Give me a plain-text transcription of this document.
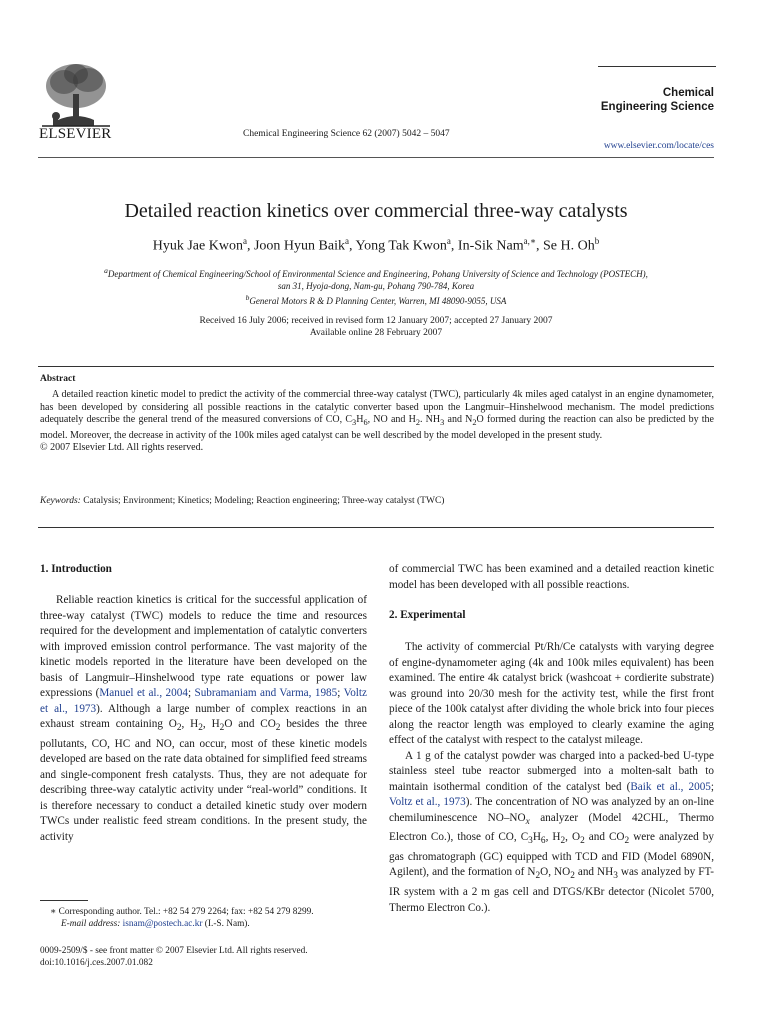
ELSEVIER	Chemical Engineering Science 62 (2007) 5042 – 5047
Chemical
Engineering Science
www.elsevier.com/locate/ces
Detailed reaction kinetics over commercial three-way catalysts
Hyuk Jae Kwon$^a$, Joon Hyun Baik$^a$, Yong Tak Kwon$^a$, In-Sik Nam$^{a,∗}$, Se H. Oh$^b$
$^a$Department of Chemical Engineering/School of Environmental Science and Engineering, Pohang University of Science and Technology (POSTECH),
san 31, Hyoja-dong, Nam-gu, Pohang 790-784, Korea
$^b$General Motors R & D Planning Center, Warren, MI 48090-9055, USA
Received 16 July 2006; received in revised form 12 January 2007; accepted 27 January 2007
Available online 28 February 2007
Abstract

A detailed reaction kinetic model to predict the activity of the commercial three-way catalyst (TWC), particularly 4k miles aged catalyst in an engine dynamometer, has been developed by considering all possible reactions in the catalytic converter based upon the Langmuir–Hinshelwood mechanism. The model predictions adequately describe the general trend of the measured conversions of CO, $C_3H_6$, NO and $H_2$. $NH_3$ and $N_2O$ formed during the reaction can also be predicted by the model. Moreover, the decrease in activity of the 100k miles aged catalyst can be well described by the model developed in the present study.

© 2007 Elsevier Ltd. All rights reserved.

Keywords: Catalysis; Environment; Kinetics; Modeling; Reaction engineering; Three-way catalyst (TWC)
1. Introduction

Reliable reaction kinetics is critical for the successful application of three-way catalyst (TWC) models to reduce the time and resources required for the development and implementation of catalytic converters with improved emission control performance. The vast majority of the kinetic models reported in the literature have been developed on the basis of Langmuir–Hinshelwood type rate equations or power law expressions (Manuel et al., 2004; Subramaniam and Varma, 1985; Voltz et al., 1973). Although a large number of complex reactions in an exhaust stream containing $O_2$, $H_2$, $H_2O$ and $CO_2$ besides the three pollutants, CO, HC and NO, can occur, most of these kinetic models developed are based on the rate data obtained for simplified feed streams and single-component fresh catalysts. Thus, they are not adequate for describing three-way catalytic activity under “real-world” conditions. It is therefore necessary to conduct a detailed kinetic study over modern TWCs under realistic feed stream conditions. In the present study, the activity

of commercial TWC has been examined and a detailed reaction kinetic model has been developed with all possible reactions.

2. Experimental

The activity of commercial Pt/Rh/Ce catalysts with varying degree of engine-dynamometer aging (4k and 100k miles equivalent) has been examined. The entire 4k catalyst brick (washcoat + cordierite substrate) was ground into 20/30 mesh for the activity test, while the first front piece of the 100k catalyst after dividing the whole brick into four pieces along the reactor length was employed to clearly examine the aging effect of the catalyst with respect to the catalyst mileage.

A 1 g of the catalyst powder was charged into a packed-bed U-type stainless steel tube reactor submerged into a molten-salt bath to maintain isothermal condition of the catalyst bed (Baik et al., 2005; Voltz et al., 1973). The concentration of NO was analyzed by an on-line chemiluminescence $NO-NO_x$ analyzer (Model 42CHL, Thermo Electron Co.), those of CO, $C_3H_6$, $H_2$, $O_2$ and $CO_2$ were analyzed by gas chromatograph (GC) equipped with TCD and FID (Model 6890N, Agilent), and the formation of $N_2O$, $NO_2$ and $NH_3$ was analyzed by FT-IR system with a 2 m gas cell and DTGS/KBr detector (Nicolet 5700, Thermo Electron Co.).

∗ Corresponding author. Tel.: +82 54 279 2264; fax: +82 54 279 8299.
E-mail address: isnam@postech.ac.kr (I.-S. Nam).
0009-2509/$ - see front matter © 2007 Elsevier Ltd. All rights reserved.
doi:10.1016/j.ces.2007.01.082
